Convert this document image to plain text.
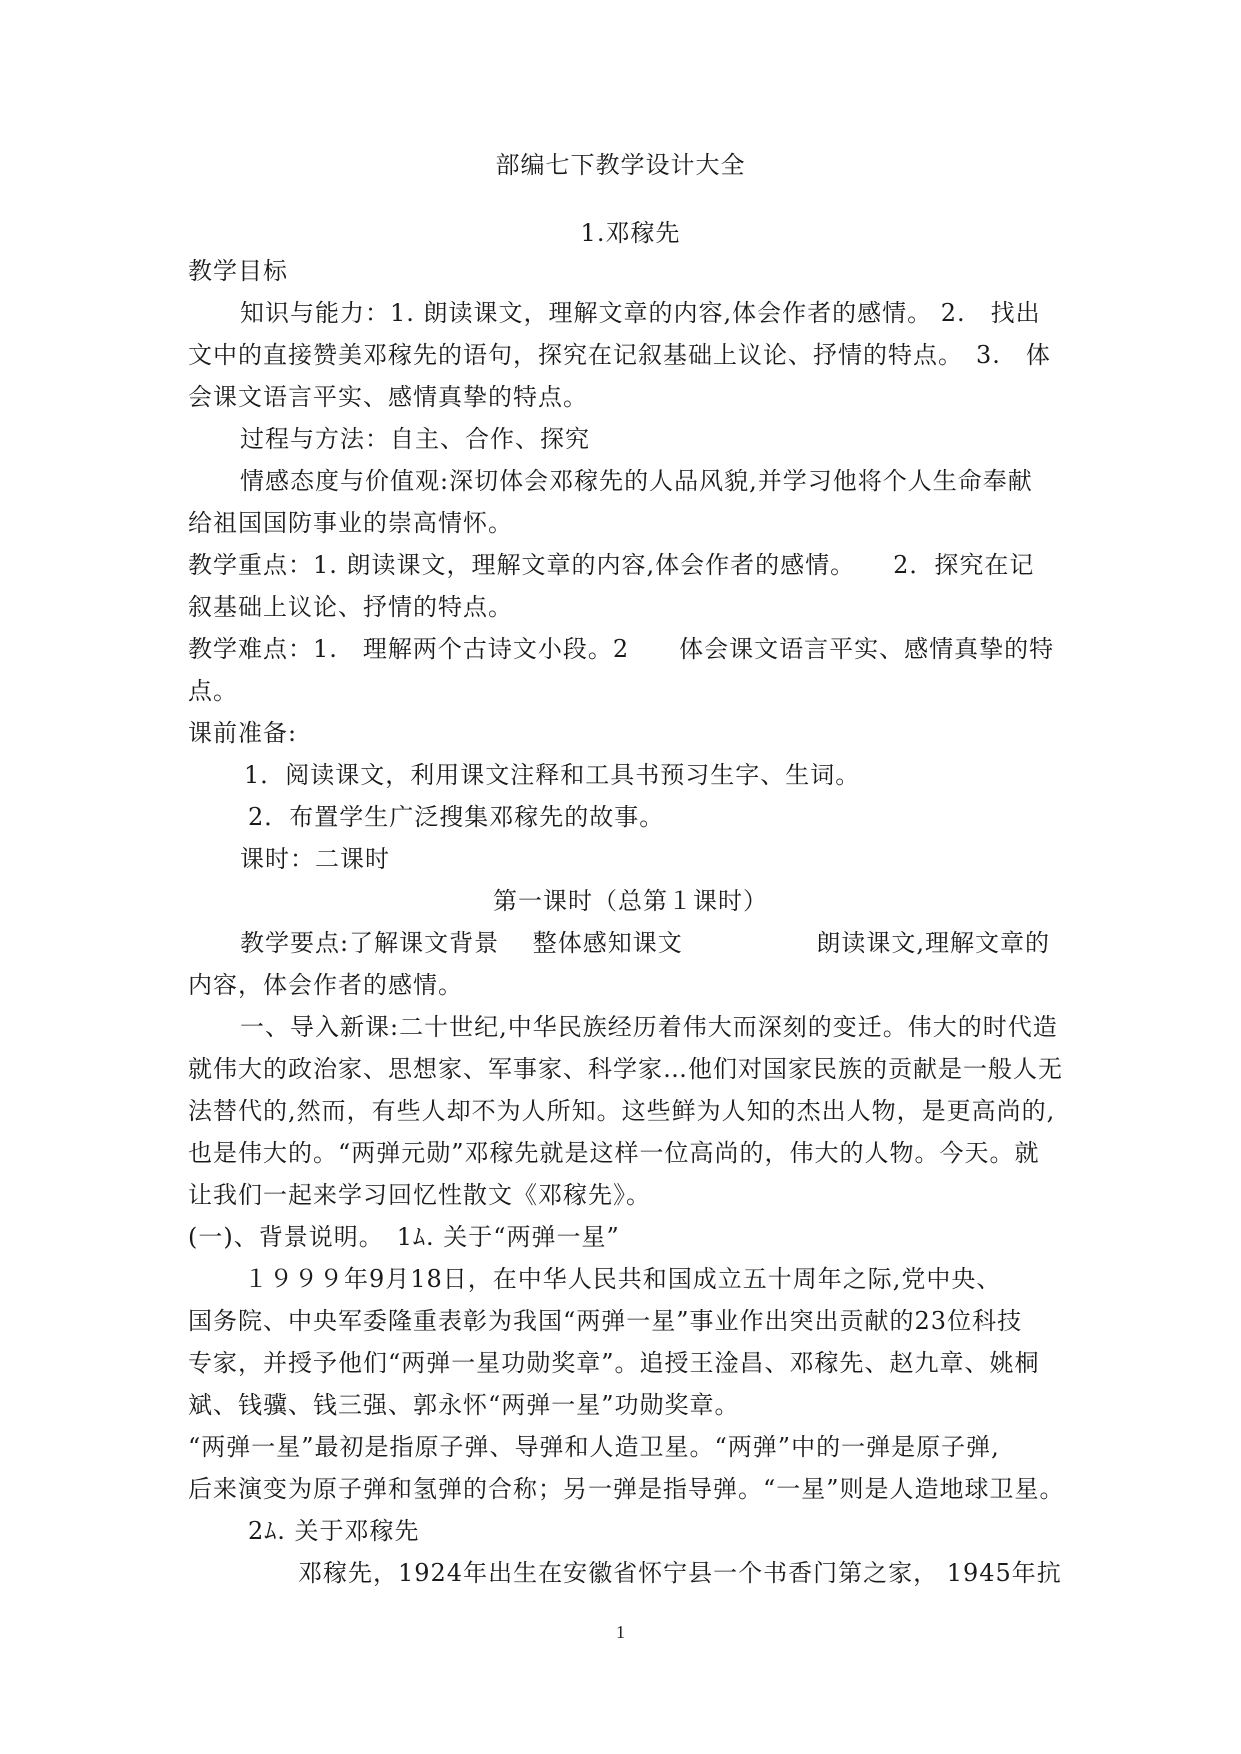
部编七下教学设计大全
1.邓稼先
教学目标
知识与能力：1. 朗读课文，理解文章的内容,体会作者的感情。 2.　找出
文中的直接赞美邓稼先的语句，探究在记叙基础上议论、抒情的特点。　3.　体
会课文语言平实、感情真挚的特点。
过程与方法：自主、合作、探究
情感态度与价值观:深切体会邓稼先的人品风貌,并学习他将个人生命奉献
给祖国国防事业的崇高情怀。
教学重点：1. 朗读课文，理解文章的内容,体会作者的感情。　　2．探究在记
叙基础上议论、抒情的特点。
教学难点：1.　理解两个古诗文小段。2　　体会课文语言平实、感情真挚的特
点。
课前准备:
1．阅读课文，利用课文注释和工具书预习生字、生词。
2．布置学生广泛搜集邓稼先的故事。
课时：二课时
第一课时（总第１课时）
教学要点:了解课文背景　 整体感知课文　　　　　 朗读课文,理解文章的
内容，体会作者的感情。
一、导入新课:二十世纪,中华民族经历着伟大而深刻的变迁。伟大的时代造
就伟大的政治家、思想家、军事家、科学家…他们对国家民族的贡献是一般人无
法替代的,然而，有些人却不为人所知。这些鲜为人知的杰出人物，是更高尚的,
也是伟大的。“两弹元勋”邓稼先就是这样一位高尚的，伟大的人物。今天。就
让我们一起来学习回忆性散文《邓稼先》。
(一)、背景说明。　1ﾑ. 关于“两弹一星”
１９９９年9月18日，在中华人民共和国成立五十周年之际,党中央、
国务院、中央军委隆重表彰为我国“两弹一星”事业作出突出贡献的23位科技
专家，并授予他们“两弹一星功勋奖章”。追授王淦昌、邓稼先、赵九章、姚桐
斌、钱骥、钱三强、郭永怀“两弹一星”功勋奖章。
“两弹一星”最初是指原子弹、导弹和人造卫星。“两弹”中的一弹是原子弹,
后来演变为原子弹和氢弹的合称；另一弹是指导弹。“一星”则是人造地球卫星。
2ﾑ. 关于邓稼先
邓稼先，1924年出生在安徽省怀宁县一个书香门第之家， 1945年抗
1
